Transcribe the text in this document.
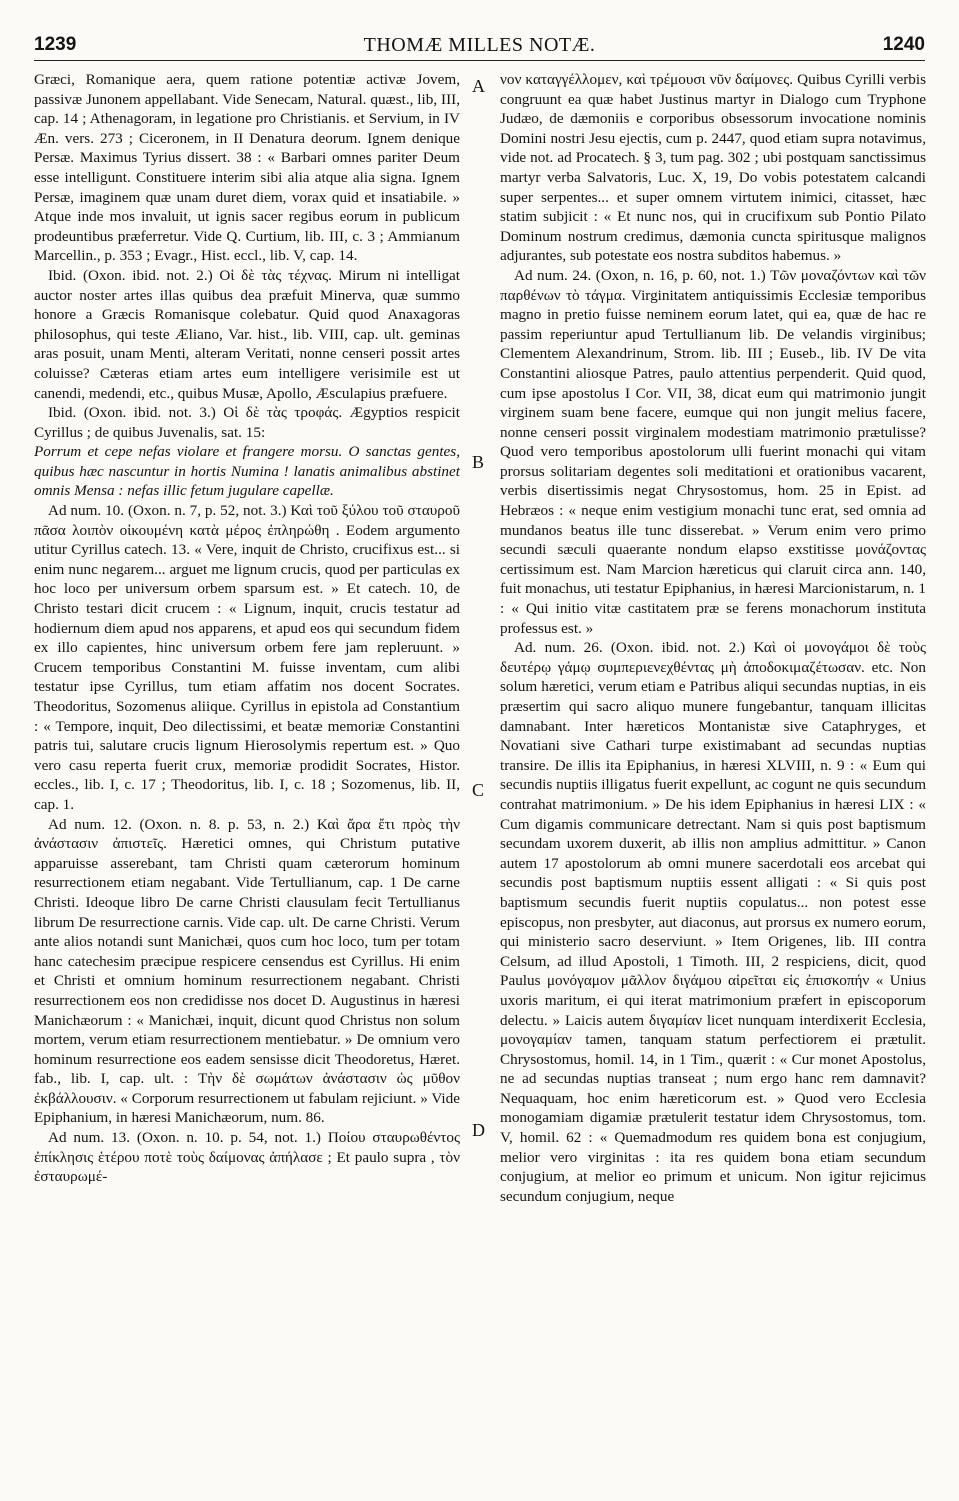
1239	THOMÆ MILLES NOTÆ.	1240
A
B
C
D

Græci, Romanique aera, quem ratione potentiæ activæ Jovem, passivæ Junonem appellabant. Vide Senecam, Natural. quæst., lib, III, cap. 14 ; Athenagoram, in legatione pro Christianis. et Servium, in IV Æn. vers. 273 ; Ciceronem, in II Denatura deorum. Ignem denique Persæ. Maximus Tyrius dissert. 38 : « Barbari omnes pariter Deum esse intelligunt. Constituere interim sibi alia atque alia signa. Ignem Persæ, imaginem quæ unam duret diem, vorax quid et insatiabile. » Atque inde mos invaluit, ut ignis sacer regibus eorum in publicum prodeuntibus præferretur. Vide Q. Curtium, lib. III, c. 3 ; Ammianum Marcellin., p. 353 ; Evagr., Hist. eccl., lib. V, cap. 14.

Ibid. (Oxon. ibid. not. 2.) Οἱ δὲ τὰς τέχνας. Mirum ni intelligat auctor noster artes illas quibus dea præfuit Minerva, quæ summo honore a Græcis Romanisque colebatur. Quid quod Anaxagoras philosophus, qui teste Æliano, Var. hist., lib. VIII, cap. ult. geminas aras posuit, unam Menti, alteram Veritati, nonne censeri possit artes coluisse? Cæteras etiam artes eum intelligere verisimile est ut canendi, medendi, etc., quibus Musæ, Apollo, Æsculapius præfuere.

Ibid. (Oxon. ibid. not. 3.) Οἱ δὲ τὰς τροφάς. Ægyptios respicit Cyrillus ; de quibus Juvenalis, sat. 15:

Porrum et cepe nefas violare et frangere morsu. O sanctas gentes, quibus hæc nascuntur in hortis Numina ! lanatis animalibus abstinet omnis Mensa : nefas illic fetum jugulare capellæ.

Ad num. 10. (Oxon. n. 7, p. 52, not. 3.) Καὶ τοῦ ξύλου τοῦ σταυροῦ πᾶσα λοιπὸν οἰκουμένη κατὰ μέρος ἐπληρώθη . Eodem argumento utitur Cyrillus catech. 13. « Vere, inquit de Christo, crucifixus est... si enim nunc negarem... arguet me lignum crucis, quod per particulas ex hoc loco per universum orbem sparsum est. » Et catech. 10, de Christo testari dicit crucem : « Lignum, inquit, crucis testatur ad hodiernum diem apud nos apparens, et apud eos qui secundum fidem ex illo capientes, hinc universum orbem fere jam repleruunt. » Crucem temporibus Constantini M. fuisse inventam, cum alibi testatur ipse Cyrillus, tum etiam affatim nos docent Socrates. Theodoritus, Sozomenus aliique. Cyrillus in epistola ad Constantium : « Tempore, inquit, Deo dilectissimi, et beatæ memoriæ Constantini patris tui, salutare crucis lignum Hierosolymis repertum est. » Quo vero casu reperta fuerit crux, memoriæ prodidit Socrates, Histor. eccles., lib. I, c. 17 ; Theodoritus, lib. I, c. 18 ; Sozomenus, lib. II, cap. 1.

Ad num. 12. (Oxon. n. 8. p. 53, n. 2.) Καὶ ἄρα ἔτι πρὸς τὴν ἀνάστασιν ἀπιστεῖς. Hæretici omnes, qui Christum putative apparuisse asserebant, tam Christi quam cæterorum hominum resurrectionem etiam negabant. Vide Tertullianum, cap. 1 De carne Christi. Ideoque libro De carne Christi clausulam fecit Tertullianus librum De resurrectione carnis. Vide cap. ult. De carne Christi. Verum ante alios notandi sunt Manichæi, quos cum hoc loco, tum per totam hanc catechesim præcipue respicere censendus est Cyrillus. Hi enim et Christi et omnium hominum resurrectionem negabant. Christi resurrectionem eos non credidisse nos docet D. Augustinus in hæresi Manichæorum : « Manichæi, inquit, dicunt quod Christus non solum mortem, verum etiam resurrectionem mentiebatur. » De omnium vero hominum resurrectione eos eadem sensisse dicit Theodoretus, Hæret. fab., lib. I, cap. ult. : Τὴν δὲ σωμάτων ἀνάστασιν ὡς μῦθον ἐκβάλλουσιν. « Corporum resurrectionem ut fabulam rejiciunt. » Vide Epiphanium, in hæresi Manichæorum, num. 86.

Ad num. 13. (Oxon. n. 10. p. 54, not. 1.) Ποίου σταυρωθέντος ἐπίκλησις ἑτέρου ποτὲ τοὺς δαίμονας ἀπήλασε ; Et paulo supra , τὸν ἐσταυρωμέ-

νον καταγγέλλομεν, καὶ τρέμουσι νῦν δαίμονες. Quibus Cyrilli verbis congruunt ea quæ habet Justinus martyr in Dialogo cum Tryphone Judæo, de dæmoniis e corporibus obsessorum invocatione nominis Domini nostri Jesu ejectis, cum p. 2447, quod etiam supra notavimus, vide not. ad Procatech. § 3, tum pag. 302 ; ubi postquam sanctissimus martyr verba Salvatoris, Luc. X, 19, Do vobis potestatem calcandi super serpentes... et super omnem virtutem inimici, citasset, hæc statim subjicit : « Et nunc nos, qui in crucifixum sub Pontio Pilato Dominum nostrum credimus, dæmonia cuncta spiritusque malignos adjurantes, sub potestate eos nostra subditos habemus. »

Ad num. 24. (Oxon, n. 16, p. 60, not. 1.) Τῶν μοναζόντων καὶ τῶν παρθένων τὸ τάγμα. Virginitatem antiquissimis Ecclesiæ temporibus magno in pretio fuisse neminem eorum latet, qui ea, quæ de hac re passim reperiuntur apud Tertullianum lib. De velandis virginibus; Clementem Alexandrinum, Strom. lib. III ; Euseb., lib. IV De vita Constantini aliosque Patres, paulo attentius perpenderit. Quid quod, cum ipse apostolus I Cor. VII, 38, dicat eum qui matrimonio jungit virginem suam bene facere, eumque qui non jungit melius facere, nonne censeri possit virginalem modestiam matrimonio prætulisse? Quod vero temporibus apostolorum ulli fuerint monachi qui vitam prorsus solitariam degentes soli meditationi et orationibus vacarent, verbis disertissimis negat Chrysostomus, hom. 25 in Epist. ad Hebræos : « neque enim vestigium monachi tunc erat, sed omnia ad mundanos beatus ille tunc disserebat. » Verum enim vero primo secundi sæculi quaerante nondum elapso exstitisse μονάζοντας certissimum est. Nam Marcion hæreticus qui claruit circa ann. 140, fuit monachus, uti testatur Epiphanius, in hæresi Marcionistarum, n. 1 : « Qui initio vitæ castitatem præ se ferens monachorum instituta professus est. »

Ad. num. 26. (Oxon. ibid. not. 2.) Καὶ οἱ μονογάμοι δὲ τοὺς δευτέρῳ γάμῳ συμπεριενεχθέντας μὴ ἀποδοκιμαζέτωσαν. etc. Non solum hæretici, verum etiam e Patribus aliqui secundas nuptias, in eis præsertim qui sacro aliquo munere fungebantur, tanquam illicitas damnabant. Inter hæreticos Montanistæ sive Cataphryges, et Novatiani sive Cathari turpe existimabant ad secundas nuptias transire. De illis ita Epiphanius, in hæresi XLVIII, n. 9 : « Eum qui secundis nuptiis illigatus fuerit expellunt, ac cogunt ne quis secundum contrahat matrimonium. » De his idem Epiphanius in hæresi LIX : « Cum digamis communicare detrectant. Nam si quis post baptismum secundam uxorem duxerit, ab illis non amplius admittitur. » Canon autem 17 apostolorum ab omni munere sacerdotali eos arcebat qui secundis post baptismum nuptiis essent alligati : « Si quis post baptismum secundis fuerit nuptiis copulatus... non potest esse episcopus, non presbyter, aut diaconus, aut prorsus ex numero eorum, qui ministerio sacro deserviunt. » Item Origenes, lib. III contra Celsum, ad illud Apostoli, 1 Timoth. III, 2 respiciens, dicit, quod Paulus μονόγαμον μᾶλλον διγάμου αἱρεῖται εἰς ἐπισκοπήν « Unius uxoris maritum, ei qui iterat matrimonium præfert in episcoporum delectu. » Laicis autem διγαμίαν licet nunquam interdixerit Ecclesia, μονογαμίαν tamen, tanquam statum perfectiorem ei prætulit. Chrysostomus, homil. 14, in 1 Tim., quærit : « Cur monet Apostolus, ne ad secundas nuptias transeat ; num ergo hanc rem damnavit? Nequaquam, hoc enim hæreticorum est. » Quod vero Ecclesia monogamiam digamiæ prætulerit testatur idem Chrysostomus, tom. V, homil. 62 : « Quemadmodum res quidem bona est conjugium, melior vero virginitas : ita res quidem bona etiam secundum conjugium, at melior eo primum et unicum. Non igitur rejicimus secundum conjugium, neque
